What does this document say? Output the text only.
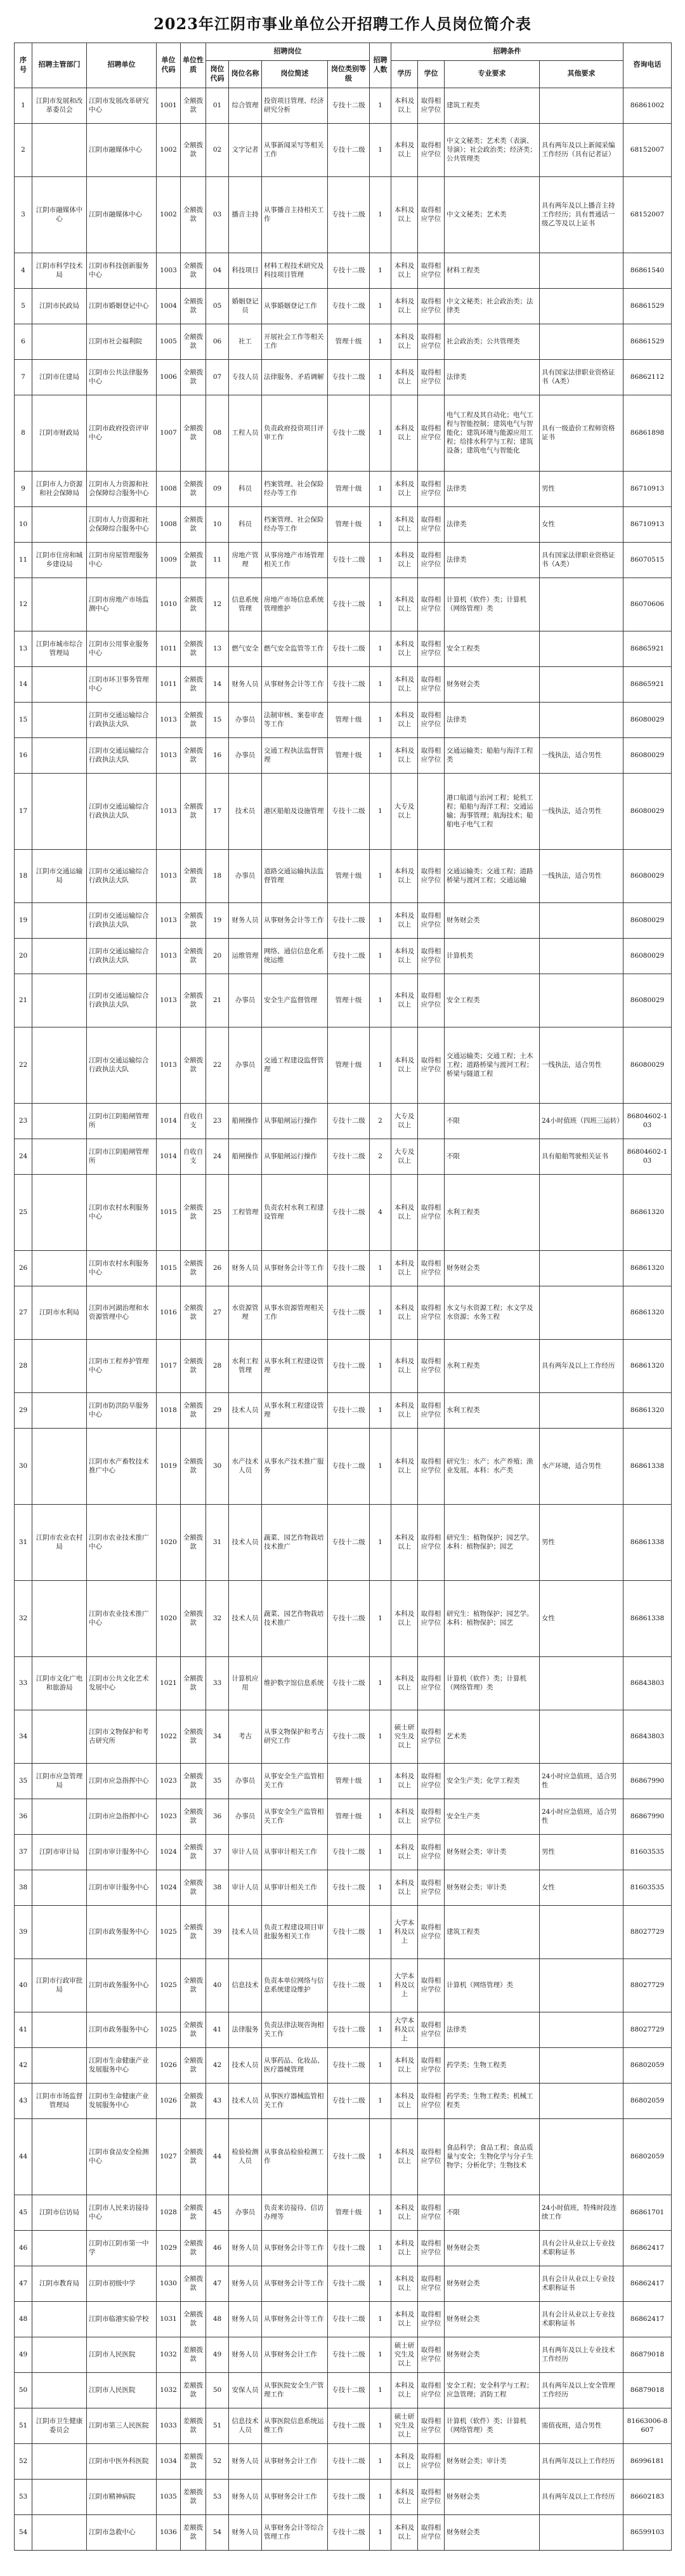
2023年江阴市事业单位公开招聘工作人员岗位简介表
序号	招聘主管部门	招聘单位	单位代码	单位性质	招聘岗位				招聘人数	招聘条件				咨询电话
					岗位代码	岗位名称	岗位简述	岗位类别等级		学历	学位	专业要求	其他要求	
1	江阴市发展和改革委员会	江阴市发展改革研究中心	1001	全额拨款	01	综合管理	投资项目管理、经济研究分析	专技十二级	1	本科及以上	取得相应学位	建筑工程类		86861002
2		江阴市融媒体中心	1002	全额拨款	02	文字记者	从事新闻采写等相关工作	专技十二级	1	本科及以上	取得相应学位	中文文秘类；艺术类（表演、导演）；社会政治类；经济类；公共管理类	具有两年及以上新闻采编工作经历（具有记者证）	68152007
3	江阴市融媒体中心	江阴市融媒体中心	1002	全额拨款	03	播音主持	从事播音主持相关工作	专技十二级	1	本科及以上	取得相应学位	中文文秘类；艺术类	具有两年及以上播音主持工作经历；具有普通话一级乙等及以上证书	68152007
4	江阴市科学技术局	江阴市科技创新服务中心	1003	全额拨款	04	科技项目	材料工程技术研究及科技项目管理	专技十二级	1	本科及以上	取得相应学位	材料工程类		86861540
5	江阴市民政局	江阴市婚姻登记中心	1004	全额拨款	05	婚姻登记员	从事婚姻登记工作	专技十二级	1	本科及以上	取得相应学位	中文文秘类；社会政治类；法律类		86861529
6		江阴市社会福利院	1005	全额拨款	06	社工	开展社会工作等相关工作	管理十级	1	本科及以上	取得相应学位	社会政治类；公共管理类		86861529
7	江阴市住建局	江阴市公共法律服务中心	1006	全额拨款	07	专技人员	法律服务、矛盾调解	专技十二级	1	本科及以上	取得相应学位	法律类	具有国家法律职业资格证书（A类）	86862112
8	江阴市财政局	江阴市政府投资评审中心	1007	全额拨款	08	工程人员	负责政府投资项目评审工作	专技十二级	1	本科及以上	取得相应学位	电气工程及其自动化；电气工程与智能控制；建筑电气与智能化；建筑环境与能源应用工程；给排水科学与工程；建筑设备；建筑电气与智能化	具有一级造价工程师资格证书	86861898
9	江阴市人力资源和社会保障局	江阴市人力资源和社会保障综合服务中心	1008	全额拨款	09	科员	档案管理、社会保险经办等工作	管理十级	1	本科及以上	取得相应学位	法律类	男性	86710913
10		江阴市人力资源和社会保障综合服务中心	1008	全额拨款	10	科员	档案管理、社会保险经办等工作	管理十级	1	本科及以上	取得相应学位	法律类	女性	86710913
11	江阴市住房和城乡建设局	江阴市房屋管理服务中心	1009	全额拨款	11	房地产管理	从事房地产市场管理相关工作	专技十二级	1	本科及以上	取得相应学位	法律类	具有国家法律职业资格证书（A类）	86070515
12		江阴市房地产市场监测中心	1010	全额拨款	12	信息系统管理	房地产市场信息系统管理维护	专技十二级	1	本科及以上	取得相应学位	计算机（软件）类；计算机（网络管理）类		86070606
13	江阴市城市综合管理局	江阴市公用事业服务中心	1011	全额拨款	13	燃气安全	燃气安全监管等工作	专技十二级	1	本科及以上	取得相应学位	安全工程类		86865921
14		江阴市环卫事务管理中心	1011	全额拨款	14	财务人员	从事财务会计等工作	专技十二级	1	本科及以上	取得相应学位	财务财会类		86865921
15		江阴市交通运输综合行政执法大队	1013	全额拨款	15	办事员	法制审核、案卷审查等工作	管理十级	1	本科及以上	取得相应学位	法律类		86080029
16		江阴市交通运输综合行政执法大队	1013	全额拨款	16	办事员	交通工程执法监督管理	管理十级	1	本科及以上	取得相应学位	交通运输类；船舶与海洋工程类	一线执法，适合男性	86080029
17		江阴市交通运输综合行政执法大队	1013	全额拨款	17	技术员	港区船舶及设施管理	专技十二级	1	大专及以上		港口航道与治河工程；轮机工程；船舶与海洋工程；交通运输；海事管理；航海技术；船舶电子电气工程	一线执法，适合男性	86080029
18	江阴市交通运输局	江阴市交通运输综合行政执法大队	1013	全额拨款	18	办事员	道路交通运输执法监督管理	管理十级	1	本科及以上	取得相应学位	交通运输类；交通工程；道路桥梁与渡河工程；交通运输	一线执法，适合男性	86080029
19		江阴市交通运输综合行政执法大队	1013	全额拨款	19	财务人员	从事财务会计等工作	专技十二级	1	本科及以上	取得相应学位	财务财会类		86080029
20		江阴市交通运输综合行政执法大队	1013	全额拨款	20	运维管理	网络、通信信息化系统运维	专技十二级	1	本科及以上	取得相应学位	计算机类		86080029
21		江阴市交通运输综合行政执法大队	1013	全额拨款	21	办事员	安全生产监督管理	管理十级	1	本科及以上	取得相应学位	安全工程类		86080029
22		江阴市交通运输综合行政执法大队	1013	全额拨款	22	办事员	交通工程建设监督管理	管理十级	1	本科及以上	取得相应学位	交通运输类；交通工程；土木工程；道路桥梁与渡河工程；桥梁与隧道工程	一线执法，适合男性	86080029
23		江阴市江阴船闸管理所	1014	自收自支	23	船闸操作	从事船闸运行操作	专技十二级	2	大专及以上		不限	24小时值班（四班三运转）	86804602-103
24		江阴市江阴船闸管理所	1014	自收自支	24	船闸操作	从事船闸运行操作	专技十二级	2	大专及以上		不限	具有船舶驾驶相关证书	86804602-103
25		江阴市农村水利服务中心	1015	全额拨款	25	工程管理	负责农村水利工程建设管理	专技十二级	4	本科及以上	取得相应学位	水利工程类		86861320
26		江阴市农村水利服务中心	1015	全额拨款	26	财务人员	从事财务会计等工作	专技十二级	1	本科及以上	取得相应学位	财务财会类		86861320
27	江阴市水利局	江阴市河湖治理和水资源管理中心	1016	全额拨款	27	水资源管理	从事水资源管理相关工作	专技十二级	1	本科及以上	取得相应学位	水文与水资源工程；水文学及水资源；水务工程		86861320
28		江阴市工程养护管理中心	1017	全额拨款	28	水利工程管理	从事水利工程建设管理	专技十二级	1	本科及以上	取得相应学位	水利工程类	具有两年及以上工作经历	86861320
29		江阴市防洪防旱服务中心	1018	全额拨款	29	技术人员	从事水利工程建设管理	专技十二级	1	本科及以上	取得相应学位	水利工程类		86861320
30		江阴市水产畜牧技术推广中心	1019	全额拨款	30	水产技术人员	从事水产技术推广服务	专技十二级	1	本科及以上	取得相应学位	研究生：水产；水产养殖；渔业发展。本科：水产类	水产环境，适合男性	86861338
31	江阴市农业农村局	江阴市农业技术推广中心	1020	全额拨款	31	技术人员	蔬菜、园艺作物栽培技术推广	专技十二级	1	本科及以上	取得相应学位	研究生：植物保护；园艺学。本科：植物保护；园艺	男性	86861338
32		江阴市农业技术推广中心	1020	全额拨款	32	技术人员	蔬菜、园艺作物栽培技术推广	专技十二级	1	本科及以上	取得相应学位	研究生：植物保护；园艺学。本科：植物保护；园艺	女性	86861338
33	江阴市文化广电和旅游局	江阴市公共文化艺术发展中心	1021	全额拨款	33	计算机应用	维护数字馆信息系统	专技十二级	1	本科及以上	取得相应学位	计算机（软件）类；计算机（网络管理）类		86843803
34		江阴市文物保护和考古研究所	1022	全额拨款	34	考古	从事文物保护和考古研究工作	专技十二级	1	硕士研究生及以上	取得相应学位	艺术类		86843803
35	江阴市应急管理局	江阴市应急指挥中心	1023	全额拨款	35	办事员	从事安全生产监管相关工作	管理十级	1	本科及以上	取得相应学位	安全生产类；化学工程类	24小时应急值班，适合男性	86867990
36		江阴市应急指挥中心	1023	全额拨款	36	办事员	从事安全生产监管相关工作	管理十级	1	本科及以上	取得相应学位	安全生产类	24小时应急值班，适合男性	86867990
37	江阴市审计局	江阴市审计服务中心	1024	全额拨款	37	审计人员	从事审计相关工作	专技十二级	1	本科及以上	取得相应学位	财务财会类；审计类	男性	81603535
38		江阴市审计服务中心	1024	全额拨款	38	审计人员	从事审计相关工作	专技十二级	1	本科及以上	取得相应学位	财务财会类；审计类	女性	81603535
39		江阴市政务服务中心	1025	全额拨款	39	技术人员	负责工程建设项目审批服务相关工作	专技十二级	1	大学本科及以上	取得相应学位	建筑工程类		88027729
40	江阴市行政审批局	江阴市政务服务中心	1025	全额拨款	40	信息技术	负责本单位网络与信息系统建设维护	专技十二级	1	大学本科及以上	取得相应学位	计算机（网络管理）类		88027729
41		江阴市政务服务中心	1025	全额拨款	41	法律服务	负责法律法规咨询相关工作	专技十二级	1	大学本科及以上	取得相应学位	法律类		88027729
42		江阴市生命健康产业发展服务中心	1026	全额拨款	42	技术人员	从事药品、化妆品、医疗器械管理	专技十二级	1	本科及以上	取得相应学位	药学类；生物工程类		86802059
43	江阴市市场监督管理局	江阴市生命健康产业发展服务中心	1026	全额拨款	43	技术人员	从事医疗器械监管相关工作	专技十二级	1	本科及以上	取得相应学位	药学类；生物工程类；机械工程类		86802059
44		江阴市食品安全检测中心	1027	全额拨款	44	检验检测人员	从事食品检验检测工作	专技十二级	1	本科及以上	取得相应学位	食品科学；食品工程；食品质量与安全；生物化学与分子生物学；分析化学；生物技术		86802059
45	江阴市信访局	江阴市人民来访接待中心	1028	全额拨款	45	办事员	负责来访接待、信访办理等	管理十级	1	本科及以上	取得相应学位	不限	24小时值班，特殊时段连续工作	86861701
46		江阴市江阴市第一中学	1029	全额拨款	46	财务人员	从事财务会计等工作	专技十二级	1	本科及以上	取得相应学位	财务财会类	具有会计从业以上专业技术职称证书	86862417
47	江阴市教育局	江阴市初级中学	1030	全额拨款	47	财务人员	从事财务会计等工作	专技十二级	1	本科及以上	取得相应学位	财务财会类	具有会计从业以上专业技术职称证书	86862417
48		江阴市临港实验学校	1031	全额拨款	48	财务人员	从事财务会计等工作	专技十二级	1	本科及以上	取得相应学位	财务财会类	具有会计从业以上专业技术职称证书	86862417
49		江阴市人民医院	1032	差额拨款	49	财务人员	从事财务会计工作	专技十二级	1	硕士研究生及以上	取得相应学位	财务财会类	具有两年及以上专业技术工作经历	86879018
50		江阴市人民医院	1032	差额拨款	50	安保人员	从事医院安全生产管理工作	专技十二级	1	本科及以上	取得相应学位	安全工程；安全科学与工程；应急管理；消防工程	具有两年及以上安全管理工作经历	86879018
51	江阴市卫生健康委员会	江阴市第三人民医院	1033	差额拨款	51	信息技术人员	从事医院信息系统运维工作	专技十二级	1	硕士研究生及以上	取得相应学位	计算机（软件）类；计算机（网络管理）类	需值夜班，适合男性	81663006-8607
52		江阴市中医外科医院	1034	差额拨款	52	财务人员	从事财务会计工作	专技十二级	1	本科及以上	取得相应学位	财务财会类；审计类	具有两年及以上工作经历	86996181
53		江阴市精神病院	1035	差额拨款	53	财务人员	从事财务会计工作	专技十二级	1	本科及以上	取得相应学位	财务财会类	具有两年及以上工作经历	86602183
54		江阴市急救中心	1036	差额拨款	54	财务人员	从事财务会计等综合管理工作	专技十二级	1	本科及以上	取得相应学位	财务财会类		86599103
